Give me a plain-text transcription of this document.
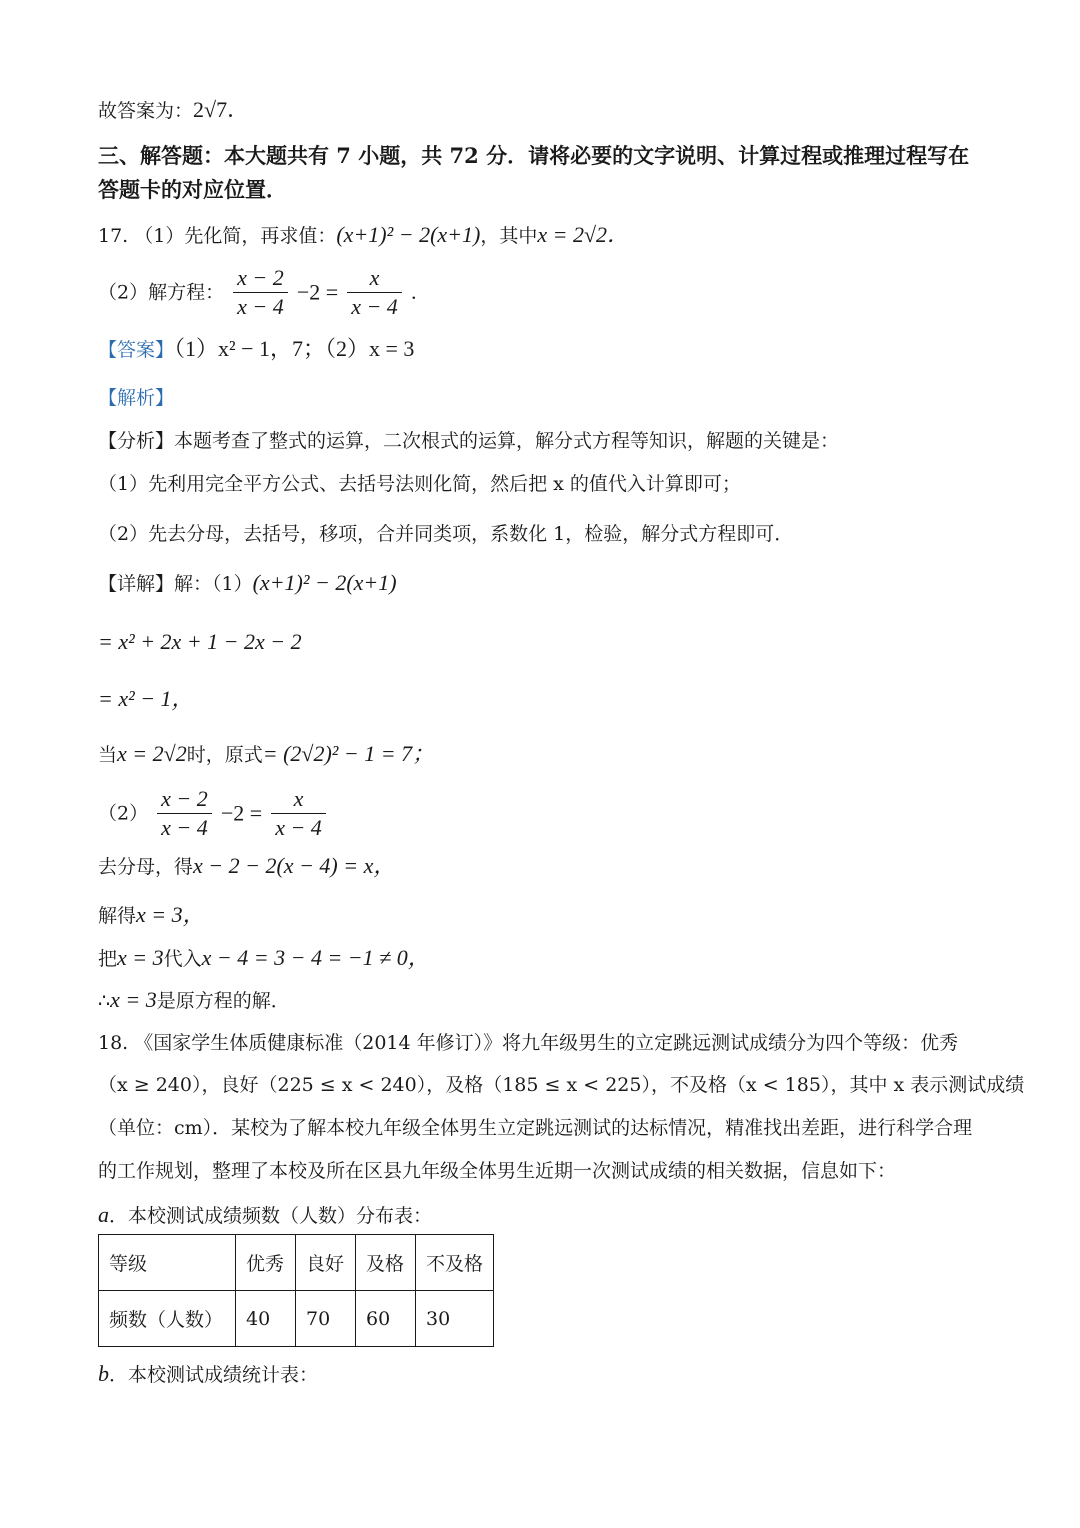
故答案为：2√7．
三、解答题：本大题共有 7 小题，共 72 分．请将必要的文字说明、计算过程或推理过程写在
答题卡的对应位置．
17. （1）先化简，再求值：(x+1)² − 2(x+1)，其中x = 2√2．
（2）解方程： $\frac{x - 2}{x - 4} -2 = \frac{x}{x - 4}$ ．
【答案】（1）x² − 1，7；（2）x = 3
【解析】
【分析】本题考查了整式的运算，二次根式的运算，解分式方程等知识，解题的关键是：
（1）先利用完全平方公式、去括号法则化简，然后把 x 的值代入计算即可；
（2）先去分母，去括号，移项，合并同类项，系数化 1，检验，解分式方程即可．
【详解】解：（1）(x+1)² − 2(x+1)
= x² + 2x + 1 − 2x − 2
= x² − 1，
当x = 2√2时，原式= (2√2)² − 1 = 7；
$(2) \frac{x - 2}{x - 4} -2 = \frac{x}{x - 4}$
去分母，得x − 2 − 2(x − 4) = x，
解得x = 3，
把x = 3代入x − 4 = 3 − 4 = −1 ≠ 0，
∴x = 3是原方程的解．
18. 《国家学生体质健康标准（2014 年修订）》将九年级男生的立定跳远测试成绩分为四个等级：优秀
（x ≥ 240），良好（225 ≤ x < 240），及格（185 ≤ x < 225），不及格（x < 185），其中 x 表示测试成绩
（单位：cm）．某校为了解本校九年级全体男生立定跳远测试的达标情况，精准找出差距，进行科学合理
的工作规划，整理了本校及所在区县九年级全体男生近期一次测试成绩的相关数据，信息如下：
a．本校测试成绩频数（人数）分布表：
等级	优秀	良好	及格	不及格
频数（人数）	40	70	60	30
b．本校测试成绩统计表：
